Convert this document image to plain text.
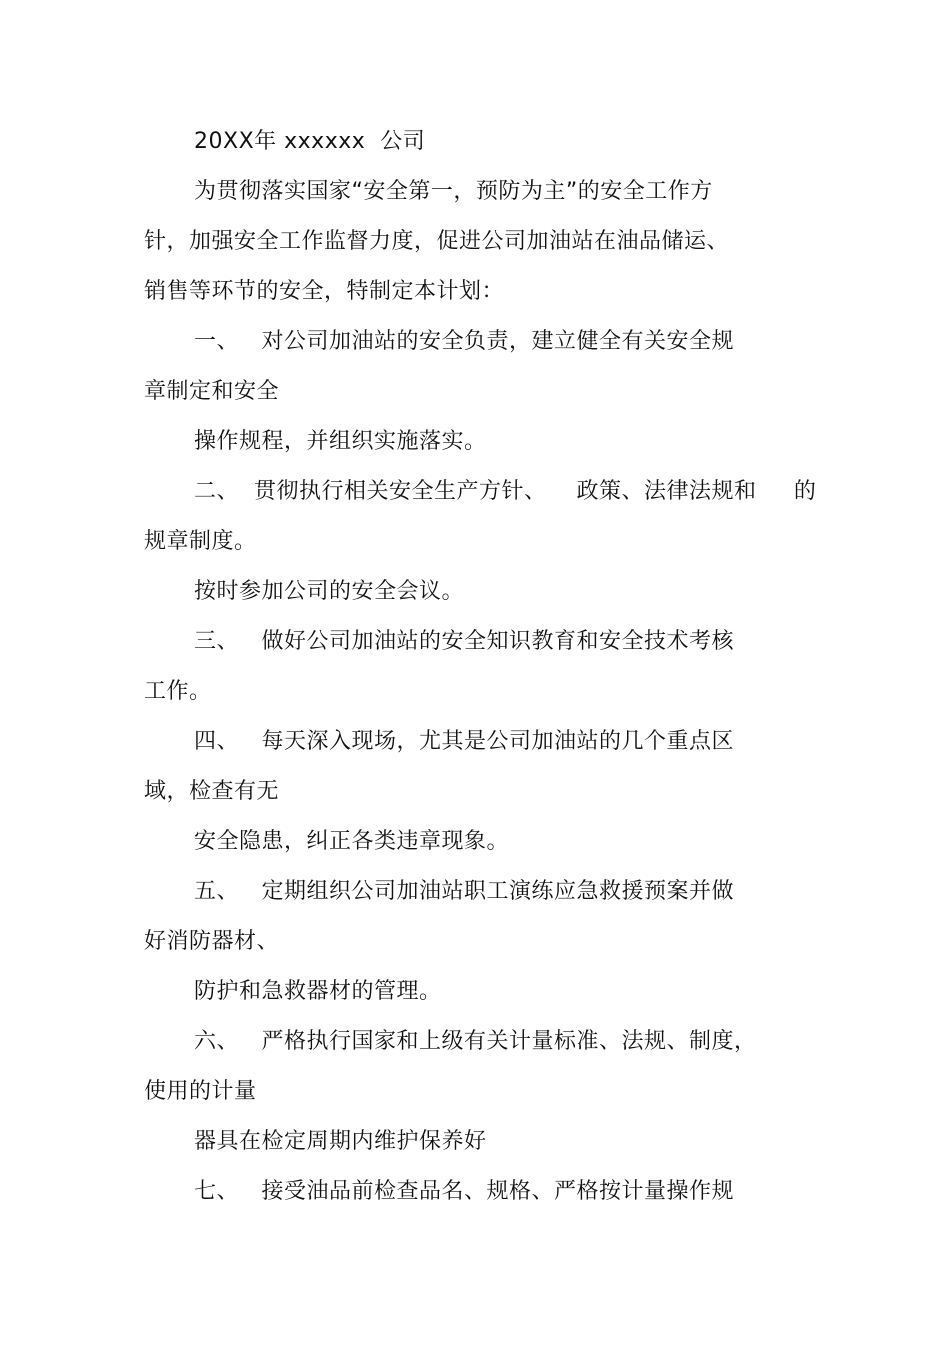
20XX年 xxxxxx  公司
为贯彻落实国家“安全第一，预防为主”的安全工作方
针，加强安全工作监督力度，促进公司加油站在油品储运、
销售等环节的安全，特制定本计划：
一、   对公司加油站的安全负责，建立健全有关安全规
章制定和安全
操作规程，并组织实施落实。
二、  贯彻执行相关安全生产方针、    政策、法律法规和     的
规章制度。
按时参加公司的安全会议。
三、   做好公司加油站的安全知识教育和安全技术考核
工作。
四、   每天深入现场，尤其是公司加油站的几个重点区
域，检查有无
安全隐患，纠正各类违章现象。
五、   定期组织公司加油站职工演练应急救援预案并做
好消防器材、
防护和急救器材的管理。
六、   严格执行国家和上级有关计量标准、法规、制度，
使用的计量
器具在检定周期内维护保养好
七、   接受油品前检查品名、规格、严格按计量操作规
